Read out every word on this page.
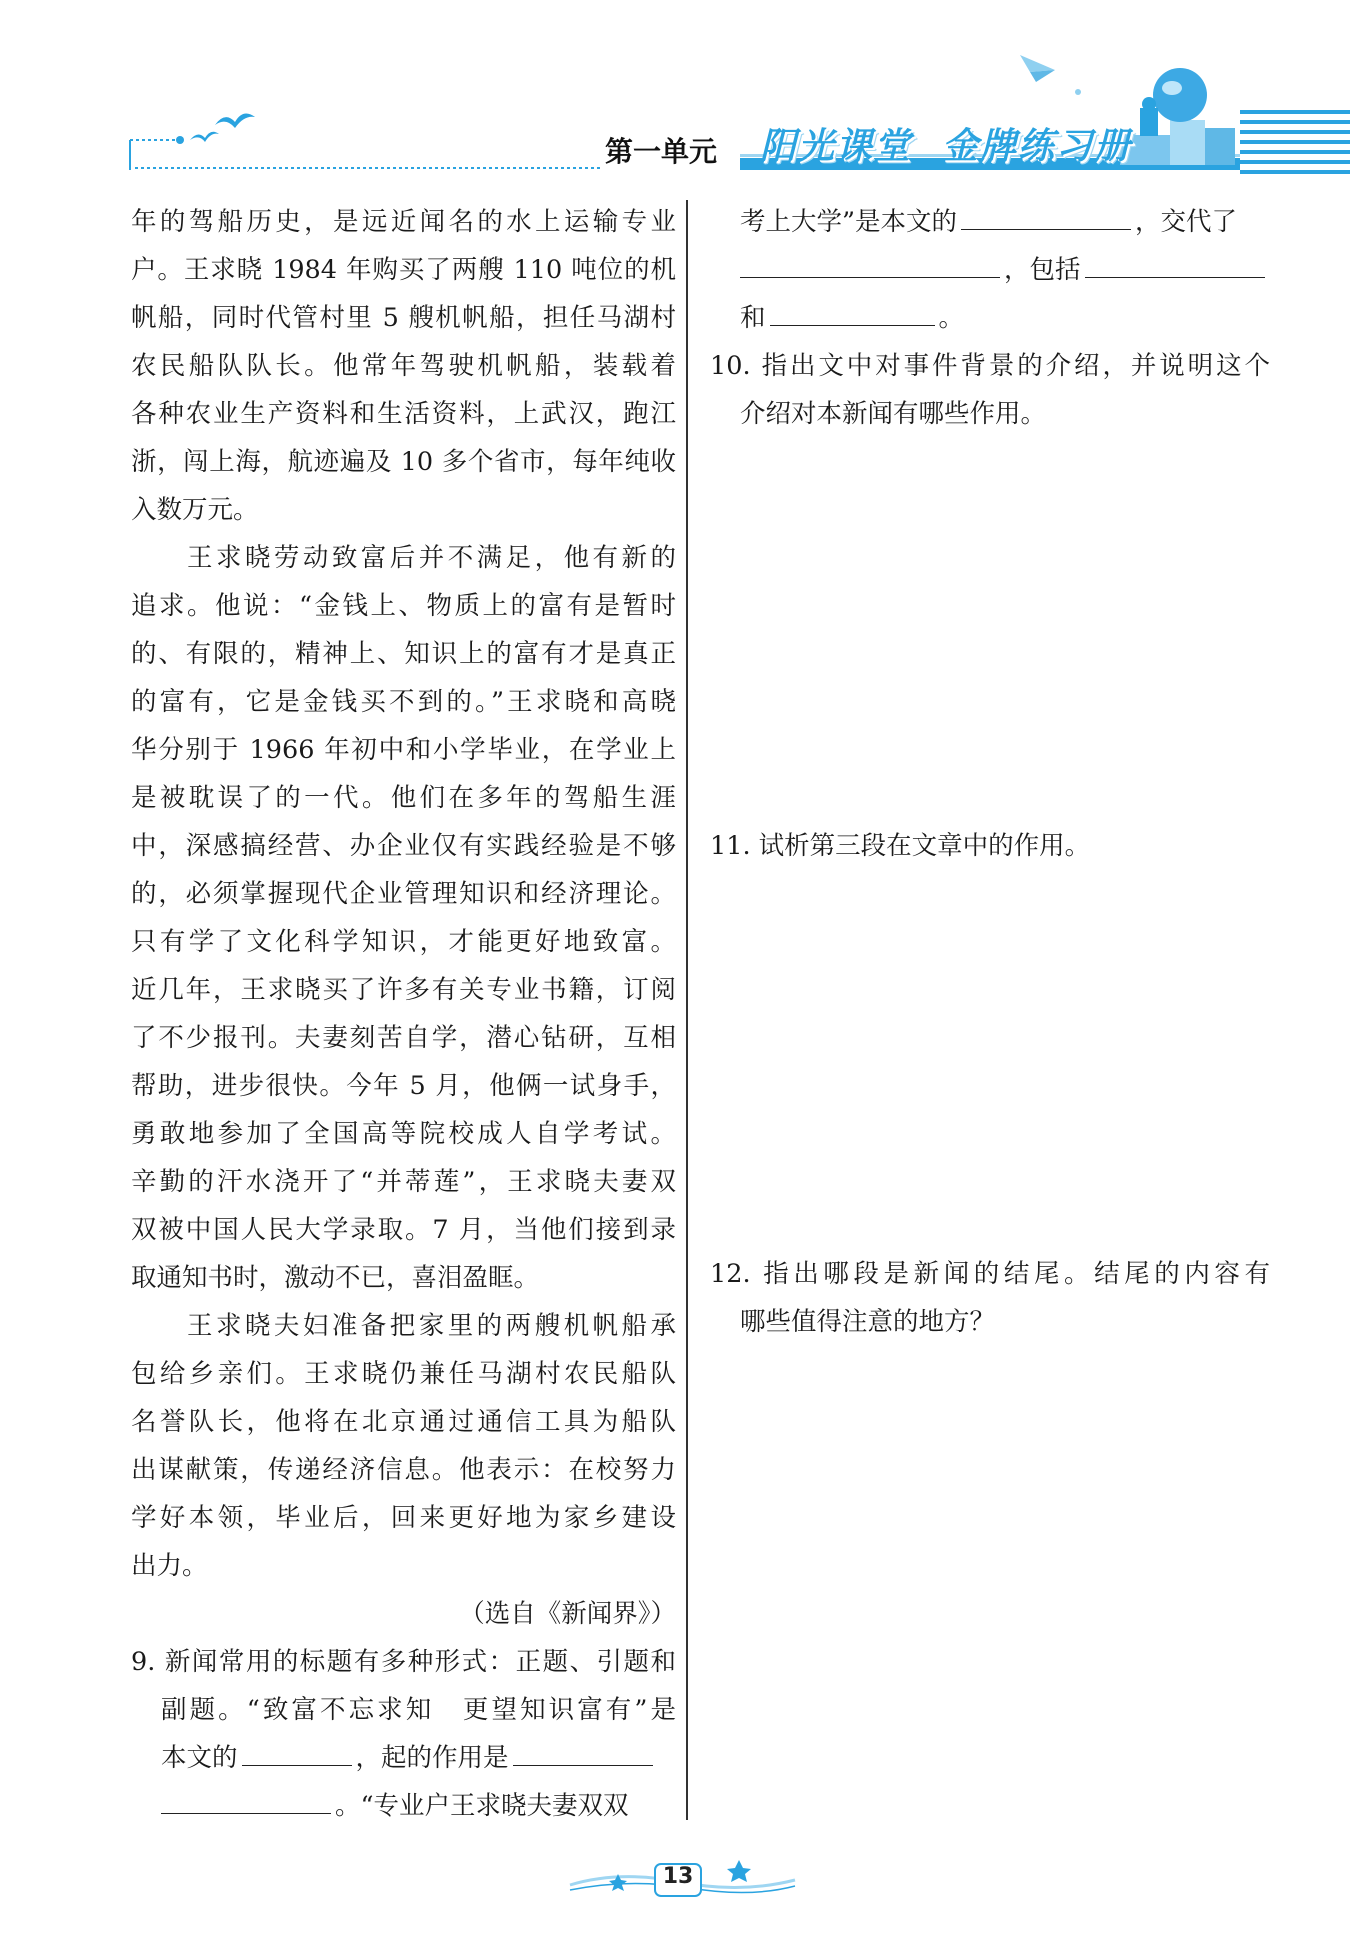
第一单元 阳光课堂 金牌练习册

年的驾船历史，是远近闻名的水上运输专业

户。王求晓 1984 年购买了两艘 110 吨位的机

帆船，同时代管村里 5 艘机帆船，担任马湖村

农民船队队长。他常年驾驶机帆船，装载着

各种农业生产资料和生活资料，上武汉，跑江

浙，闯上海，航迹遍及 10 多个省市，每年纯收

入数万元。

王求晓劳动致富后并不满足，他有新的

追求。他说：“金钱上、物质上的富有是暂时

的、有限的，精神上、知识上的富有才是真正

的富有，它是金钱买不到的。”王求晓和高晓

华分别于 1966 年初中和小学毕业，在学业上

是被耽误了的一代。他们在多年的驾船生涯

中，深感搞经营、办企业仅有实践经验是不够

的，必须掌握现代企业管理知识和经济理论。

只有学了文化科学知识，才能更好地致富。

近几年，王求晓买了许多有关专业书籍，订阅

了不少报刊。夫妻刻苦自学，潜心钻研，互相

帮助，进步很快。今年 5 月，他俩一试身手，

勇敢地参加了全国高等院校成人自学考试。

辛勤的汗水浇开了“并蒂莲”，王求晓夫妻双

双被中国人民大学录取。7 月，当他们接到录

取通知书时，激动不已，喜泪盈眶。

王求晓夫妇准备把家里的两艘机帆船承

包给乡亲们。王求晓仍兼任马湖村农民船队

名誉队长，他将在北京通过通信工具为船队

出谋献策，传递经济信息。他表示：在校努力

学好本领，毕业后，回来更好地为家乡建设

出力。

（选自《新闻界》）

9. 新闻常用的标题有多种形式：正题、引题和
副题。“致富不忘求知　更望知识富有”是
本文的	，起的作用是
。“专业户王求晓夫妻双双
考上大学”是本文的	，交代了
，包括
和	。
10. 指出文中对事件背景的介绍，并说明这个
介绍对本新闻有哪些作用。
11. 试析第三段在文章中的作用。
12. 指出哪段是新闻的结尾。结尾的内容有
哪些值得注意的地方？
13
